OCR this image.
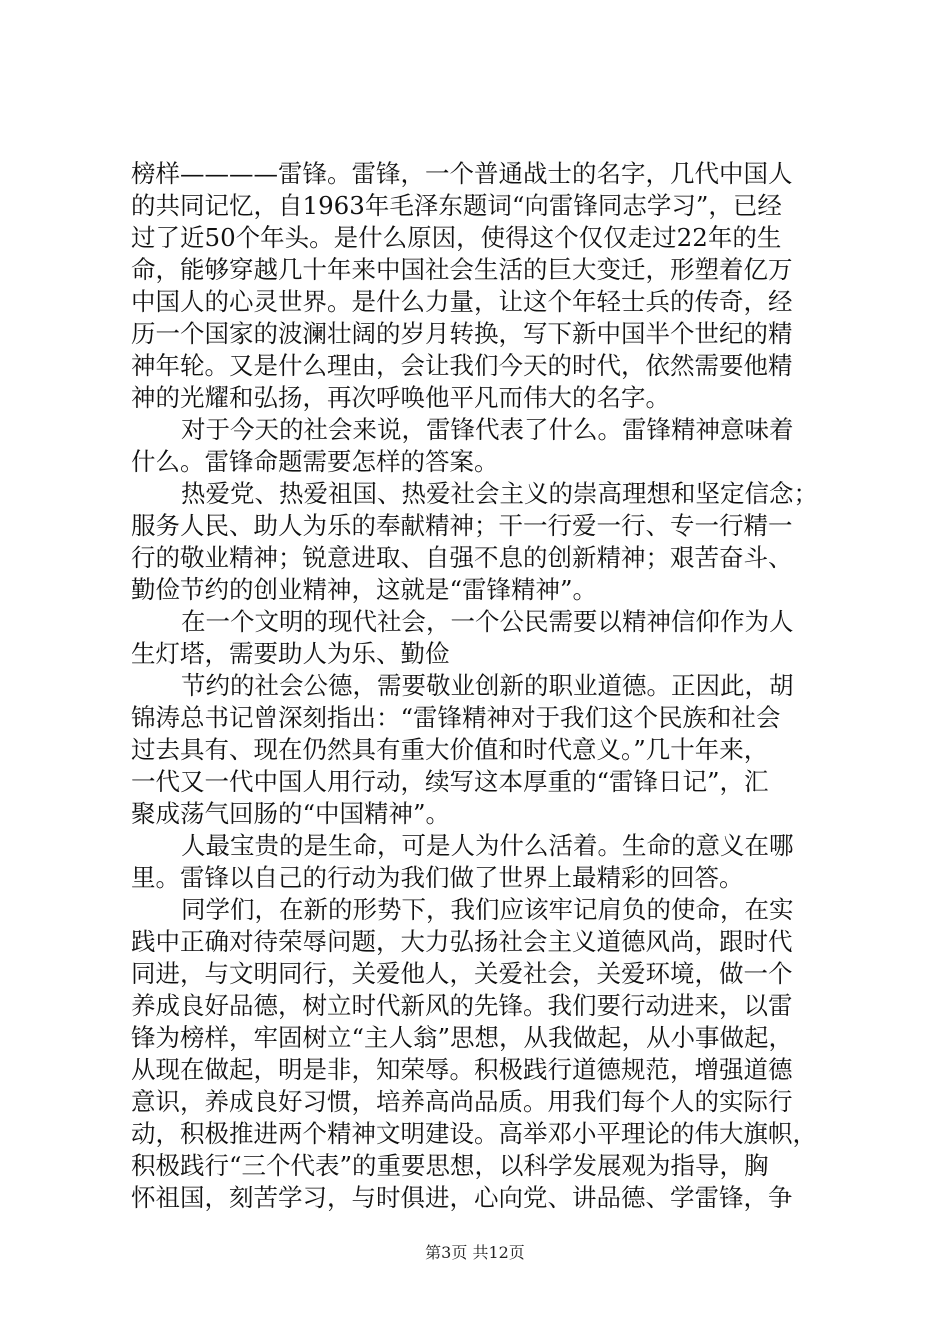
榜样————雷锋。雷锋，一个普通战士的名字，几代中国人
的共同记忆，自1963年毛泽东题词“向雷锋同志学习”，已经
过了近50个年头。是什么原因，使得这个仅仅走过22年的生
命，能够穿越几十年来中国社会生活的巨大变迁，形塑着亿万
中国人的心灵世界。是什么力量，让这个年轻士兵的传奇，经
历一个国家的波澜壮阔的岁月转换，写下新中国半个世纪的精
神年轮。又是什么理由，会让我们今天的时代，依然需要他精
神的光耀和弘扬，再次呼唤他平凡而伟大的名字。
对于今天的社会来说，雷锋代表了什么。雷锋精神意味着
什么。雷锋命题需要怎样的答案。
热爱党、热爱祖国、热爱社会主义的崇高理想和坚定信念；
服务人民、助人为乐的奉献精神；干一行爱一行、专一行精一
行的敬业精神；锐意进取、自强不息的创新精神；艰苦奋斗、
勤俭节约的创业精神，这就是“雷锋精神”。
在一个文明的现代社会，一个公民需要以精神信仰作为人
生灯塔，需要助人为乐、勤俭
节约的社会公德，需要敬业创新的职业道德。正因此，胡
锦涛总书记曾深刻指出：“雷锋精神对于我们这个民族和社会
过去具有、现在仍然具有重大价值和时代意义。”几十年来，
一代又一代中国人用行动，续写这本厚重的“雷锋日记”，汇
聚成荡气回肠的“中国精神”。
人最宝贵的是生命，可是人为什么活着。生命的意义在哪
里。雷锋以自己的行动为我们做了世界上最精彩的回答。
同学们，在新的形势下，我们应该牢记肩负的使命，在实
践中正确对待荣辱问题，大力弘扬社会主义道德风尚，跟时代
同进，与文明同行，关爱他人，关爱社会，关爱环境，做一个
养成良好品德，树立时代新风的先锋。我们要行动进来，以雷
锋为榜样，牢固树立“主人翁”思想，从我做起，从小事做起，
从现在做起，明是非，知荣辱。积极践行道德规范，增强道德
意识，养成良好习惯，培养高尚品质。用我们每个人的实际行
动，积极推进两个精神文明建设。高举邓小平理论的伟大旗帜，
积极践行“三个代表”的重要思想，以科学发展观为指导，胸
怀祖国，刻苦学习，与时俱进，心向党、讲品德、学雷锋，争
第3页 共12页
